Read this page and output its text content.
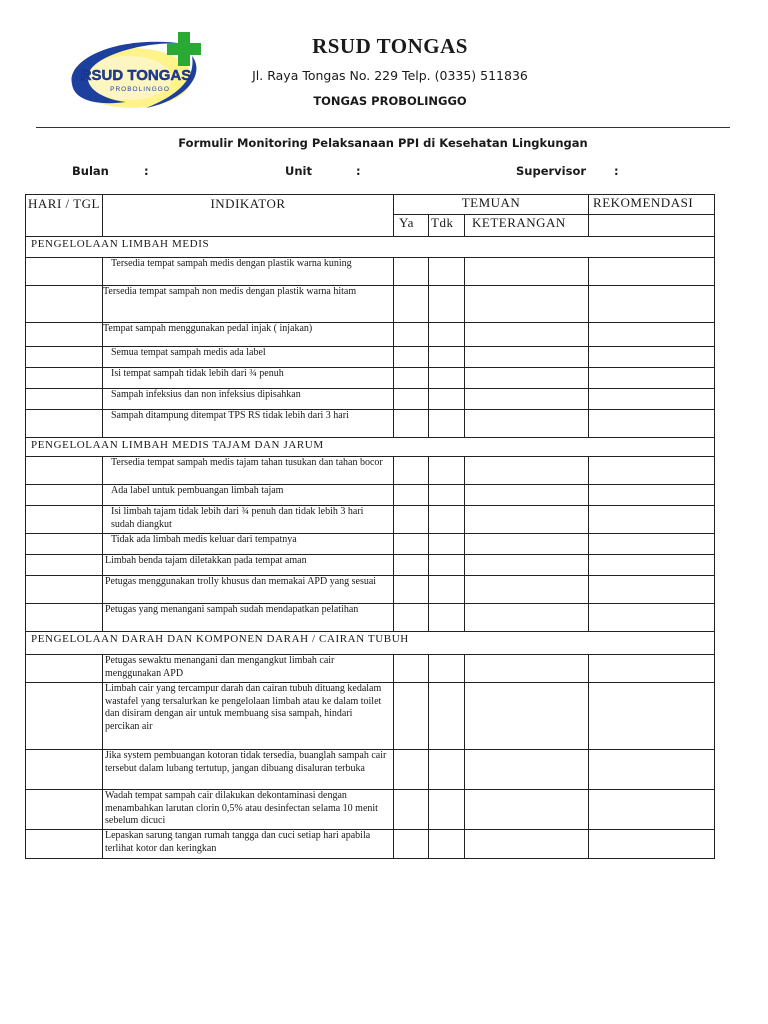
RSUD TONGAS
PROBOLINGGO
RSUD TONGAS
Jl. Raya Tongas No. 229 Telp. (0335) 511836
TONGAS PROBOLINGGO
Formulir Monitoring Pelaksanaan PPI di Kesehatan Lingkungan
Bulan	:	Unit	:	Supervisor :
HARI / TGL	INDIKATOR	TEMUAN			REKOMENDASI
		Ya	Tdk	KETERANGAN	
PENGELOLAAN LIMBAH MEDIS					
	Tersedia tempat sampah medis dengan plastik warna kuning				
	Tersedia tempat sampah non medis dengan plastik warna hitam				
	Tempat sampah menggunakan pedal injak ( injakan)				
	Semua tempat sampah medis ada label				
	Isi tempat sampah tidak lebih dari ¾ penuh				
	Sampah infeksius dan non infeksius dipisahkan				
	Sampah ditampung ditempat TPS RS tidak lebih dari 3 hari				
PENGELOLAAN LIMBAH MEDIS TAJAM DAN JARUM					
	Tersedia tempat sampah medis tajam tahan tusukan dan tahan bocor				
	Ada label untuk pembuangan limbah tajam				
	Isi limbah tajam tidak lebih dari ¾ penuh dan tidak lebih 3 hari sudah diangkut				
	Tidak ada limbah medis keluar dari tempatnya				
	Limbah benda tajam diletakkan pada tempat aman				
	Petugas menggunakan trolly khusus dan memakai APD yang sesuai				
	Petugas yang menangani sampah sudah mendapatkan pelatihan				
PENGELOLAAN DARAH DAN KOMPONEN DARAH / CAIRAN TUBUH					
	Petugas sewaktu menangani dan mengangkut limbah cair menggunakan APD				
	Limbah cair yang tercampur darah dan cairan tubuh dituang kedalam wastafel yang tersalurkan ke pengelolaan limbah atau ke dalam toilet dan disiram dengan air untuk membuang sisa sampah, hindari percikan air				
	Jika system pembuangan kotoran tidak tersedia, buanglah sampah cair tersebut dalam lubang tertutup, jangan dibuang disaluran terbuka				
	Wadah tempat sampah cair dilakukan dekontaminasi dengan menambahkan larutan clorin 0,5% atau desinfectan selama 10 menit sebelum dicuci				
	Lepaskan sarung tangan rumah tangga dan cuci setiap hari apabila terlihat kotor dan keringkan				
